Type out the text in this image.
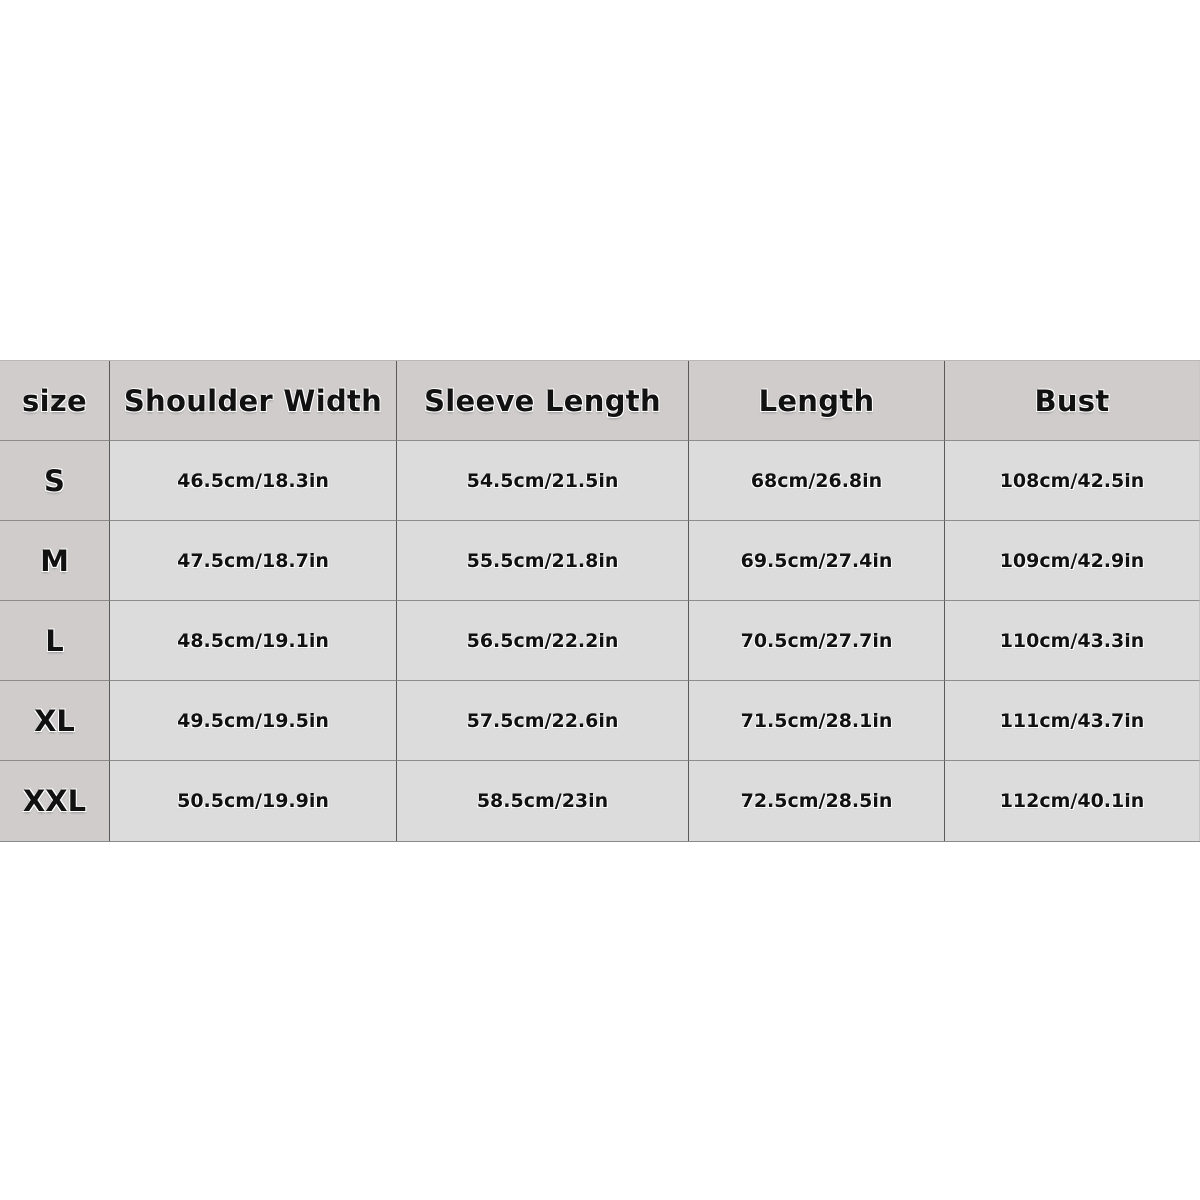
size	Shoulder Width	Sleeve Length	Length	Bust
S	46.5cm/18.3in	54.5cm/21.5in	68cm/26.8in	108cm/42.5in
M	47.5cm/18.7in	55.5cm/21.8in	69.5cm/27.4in	109cm/42.9in
L	48.5cm/19.1in	56.5cm/22.2in	70.5cm/27.7in	110cm/43.3in
XL	49.5cm/19.5in	57.5cm/22.6in	71.5cm/28.1in	111cm/43.7in
XXL	50.5cm/19.9in	58.5cm/23in	72.5cm/28.5in	112cm/40.1in
